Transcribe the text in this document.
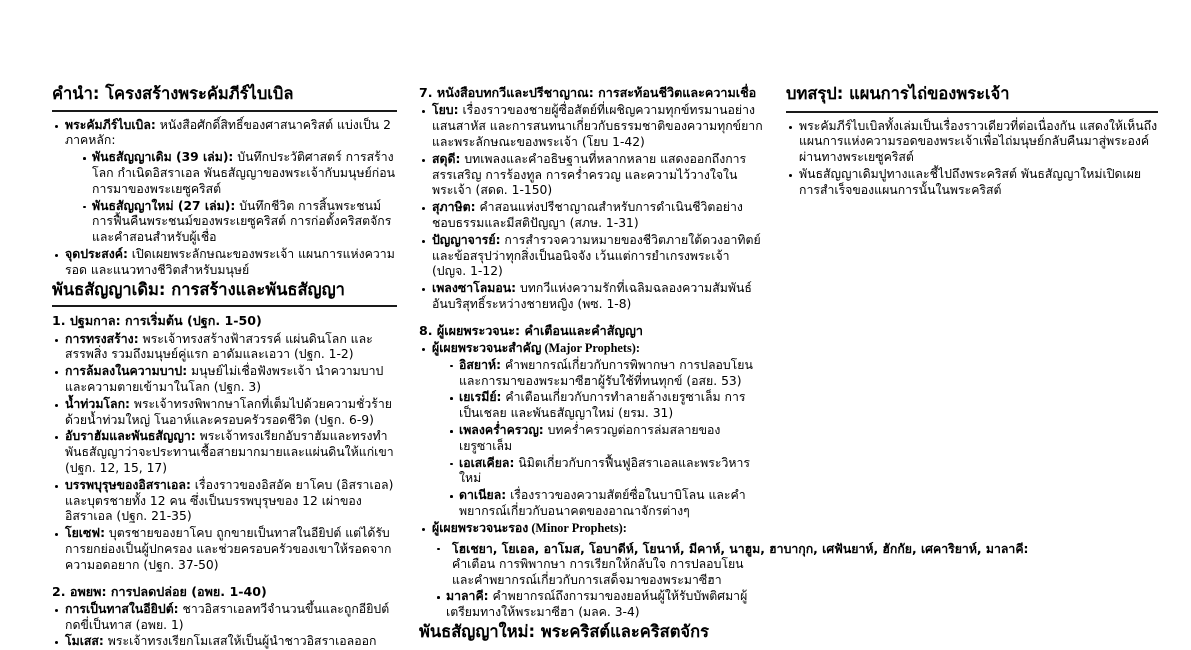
คำนำ: โครงสร้างพระคัมภีร์ไบเบิล
พระคัมภีร์ไบเบิล: หนังสือศักดิ์สิทธิ์ของศาสนาคริสต์ แบ่งเป็น 2 ภาคหลัก:
พันธสัญญาเดิม (39 เล่ม): บันทึกประวัติศาสตร์ การสร้างโลก กำเนิดอิสราเอล พันธสัญญาของพระเจ้ากับมนุษย์ก่อนการมาของพระเยซูคริสต์
พันธสัญญาใหม่ (27 เล่ม): บันทึกชีวิต การสิ้นพระชนม์ การฟื้นคืนพระชนม์ของพระเยซูคริสต์ การก่อตั้งคริสตจักร และคำสอนสำหรับผู้เชื่อ
จุดประสงค์: เปิดเผยพระลักษณะของพระเจ้า แผนการแห่งความรอด และแนวทางชีวิตสำหรับมนุษย์
พันธสัญญาเดิม: การสร้างและพันธสัญญา
1. ปฐมกาล: การเริ่มต้น (ปฐก. 1-50)
การทรงสร้าง: พระเจ้าทรงสร้างฟ้าสวรรค์ แผ่นดินโลก และสรรพสิ่ง รวมถึงมนุษย์คู่แรก อาดัมและเอวา (ปฐก. 1-2)
การล้มลงในความบาป: มนุษย์ไม่เชื่อฟังพระเจ้า นำความบาปและความตายเข้ามาในโลก (ปฐก. 3)
น้ำท่วมโลก: พระเจ้าทรงพิพากษาโลกที่เต็มไปด้วยความชั่วร้ายด้วยน้ำท่วมใหญ่ โนอาห์และครอบครัวรอดชีวิต (ปฐก. 6-9)
อับราฮัมและพันธสัญญา: พระเจ้าทรงเรียกอับราฮัมและทรงทำพันธสัญญาว่าจะประทานเชื้อสายมากมายและแผ่นดินให้แก่เขา (ปฐก. 12, 15, 17)
บรรพบุรุษของอิสราเอล: เรื่องราวของอิสอัค ยาโคบ (อิสราเอล) และบุตรชายทั้ง 12 คน ซึ่งเป็นบรรพบุรุษของ 12 เผ่าของอิสราเอล (ปฐก. 21-35)
โยเซฟ: บุตรชายของยาโคบ ถูกขายเป็นทาสในอียิปต์ แต่ได้รับการยกย่องเป็นผู้ปกครอง และช่วยครอบครัวของเขาให้รอดจากความอดอยาก (ปฐก. 37-50)
2. อพยพ: การปลดปล่อย (อพย. 1-40)
การเป็นทาสในอียิปต์: ชาวอิสราเอลทวีจำนวนขึ้นและถูกอียิปต์กดขี่เป็นทาส (อพย. 1)
โมเสส: พระเจ้าทรงเรียกโมเสสให้เป็นผู้นำชาวอิสราเอลออก
7. หนังสือบทกวีและปรีชาญาณ: การสะท้อนชีวิตและความเชื่อ
โยบ: เรื่องราวของชายผู้ซื่อสัตย์ที่เผชิญความทุกข์ทรมานอย่างแสนสาหัส และการสนทนาเกี่ยวกับธรรมชาติของความทุกข์ยากและพระลักษณะของพระเจ้า (โยบ 1-42)
สดุดี: บทเพลงและคำอธิษฐานที่หลากหลาย แสดงออกถึงการสรรเสริญ การร้องทูล การคร่ำครวญ และความไว้วางใจในพระเจ้า (สดด. 1-150)
สุภาษิต: คำสอนแห่งปรีชาญาณสำหรับการดำเนินชีวิตอย่างชอบธรรมและมีสติปัญญา (สภษ. 1-31)
ปัญญาจารย์: การสำรวจความหมายของชีวิตภายใต้ดวงอาทิตย์ และข้อสรุปว่าทุกสิ่งเป็นอนิจจัง เว้นแต่การยำเกรงพระเจ้า (ปญจ. 1-12)
เพลงซาโลมอน: บทกวีแห่งความรักที่เฉลิมฉลองความสัมพันธ์อันบริสุทธิ์ระหว่างชายหญิง (พซ. 1-8)
8. ผู้เผยพระวจนะ: คำเตือนและคำสัญญา
ผู้เผยพระวจนะสำคัญ (Major Prophets):
อิสยาห์: คำพยากรณ์เกี่ยวกับการพิพากษา การปลอบโยน และการมาของพระมาซีฮาผู้รับใช้ที่ทนทุกข์ (อสย. 53)
เยเรมีย์: คำเตือนเกี่ยวกับการทำลายล้างเยรูซาเล็ม การเป็นเชลย และพันธสัญญาใหม่ (ยรม. 31)
เพลงคร่ำครวญ: บทคร่ำครวญต่อการล่มสลายของเยรูซาเล็ม
เอเสเคียล: นิมิตเกี่ยวกับการฟื้นฟูอิสราเอลและพระวิหารใหม่
ดาเนียล: เรื่องราวของความสัตย์ซื่อในบาบิโลน และคำพยากรณ์เกี่ยวกับอนาคตของอาณาจักรต่างๆ
ผู้เผยพระวจนะรอง (Minor Prophets):
โฮเชยา, โยเอล, อาโมส, โอบาดีห์, โยนาห์, มีคาห์, นาฮูม, ฮาบากุก, เศฟันยาห์, ฮักกัย, เศคาริยาห์, มาลาคี:
คำเตือน การพิพากษา การเรียกให้กลับใจ การปลอบโยน และคำพยากรณ์เกี่ยวกับการเสด็จมาของพระมาซีฮา
มาลาคี: คำพยากรณ์ถึงการมาของยอห์นผู้ให้รับบัพติศมาผู้เตรียมทางให้พระมาซีฮา (มลค. 3-4)
พันธสัญญาใหม่: พระคริสต์และคริสตจักร
บทสรุป: แผนการไถ่ของพระเจ้า
พระคัมภีร์ไบเบิลทั้งเล่มเป็นเรื่องราวเดียวที่ต่อเนื่องกัน แสดงให้เห็นถึงแผนการแห่งความรอดของพระเจ้าเพื่อไถ่มนุษย์กลับคืนมาสู่พระองค์ผ่านทางพระเยซูคริสต์
พันธสัญญาเดิมปูทางและชี้ไปถึงพระคริสต์ พันธสัญญาใหม่เปิดเผยการสำเร็จของแผนการนั้นในพระคริสต์
